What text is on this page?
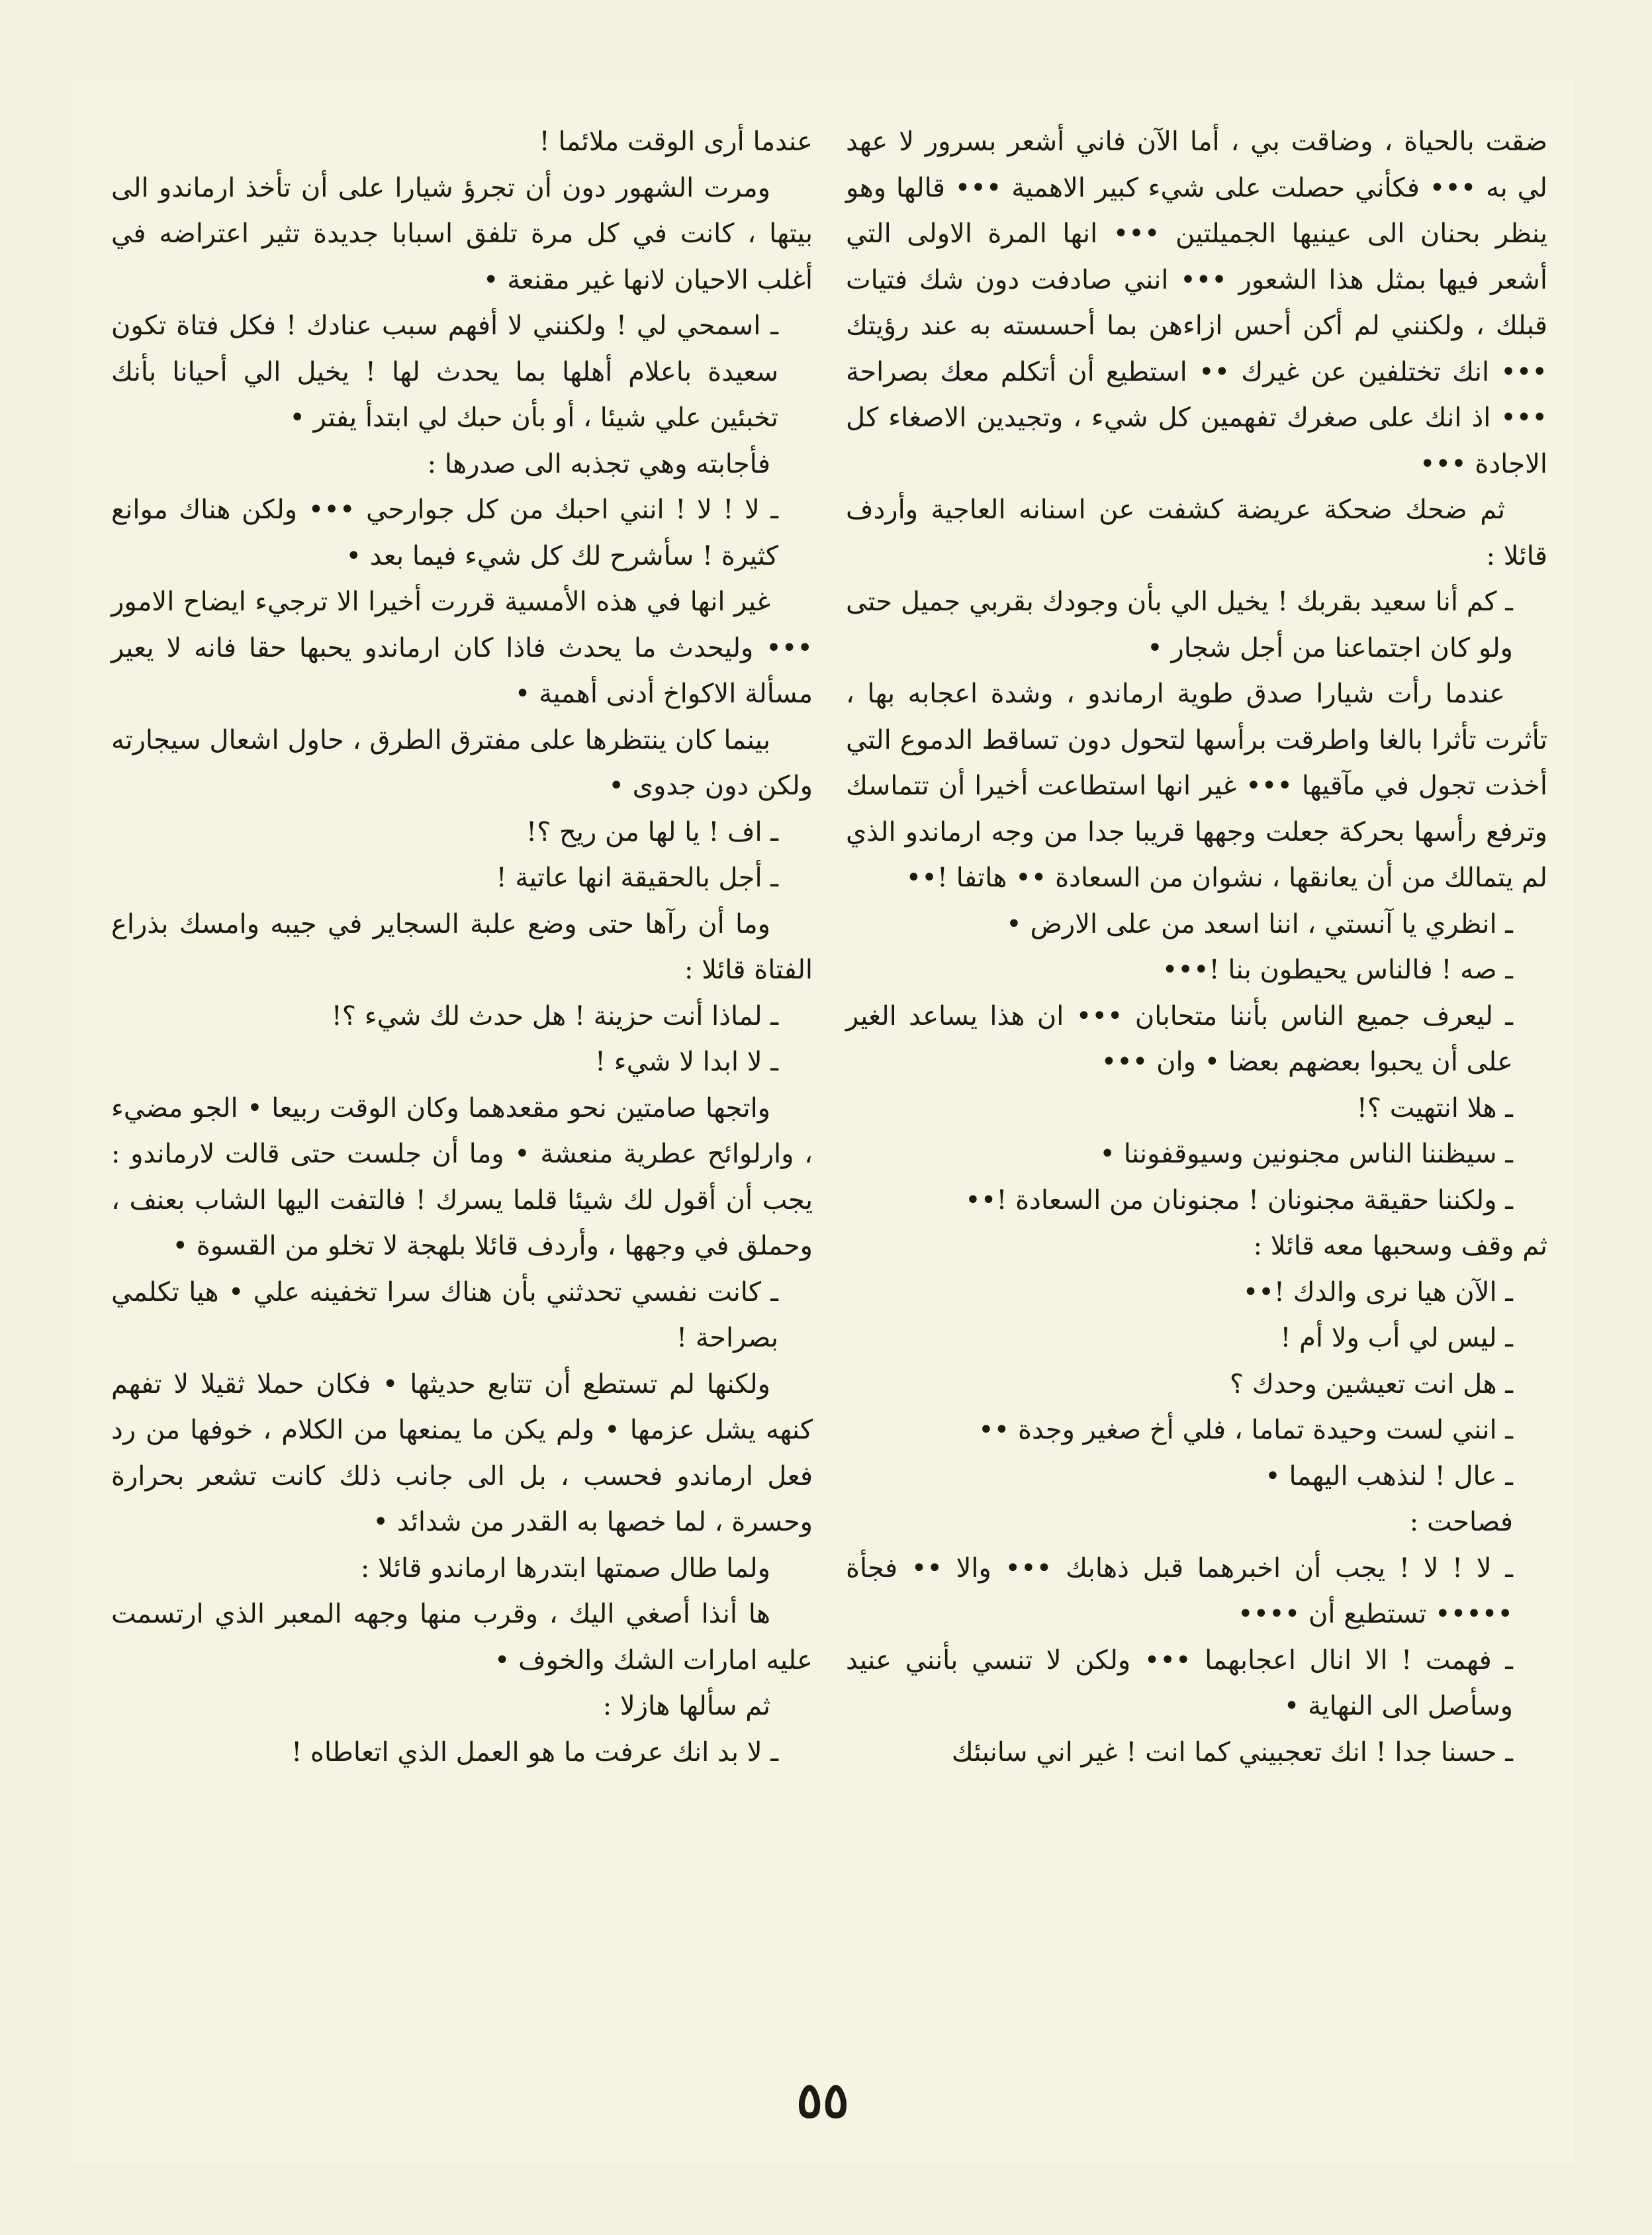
ضقت بالحياة ، وضاقت بي ، أما الآن فاني أشعر بسرور لا عهد لي به ••• فكأني حصلت على شيء كبير الاهمية ••• قالها وهو ينظر بحنان الى عينيها الجميلتين ••• انها المرة الاولى التي أشعر فيها بمثل هذا الشعور ••• انني صادفت دون شك فتيات قبلك ، ولكنني لم أكن أحس ازاءهن بما أحسسته به عند رؤيتك ••• انك تختلفين عن غيرك •• استطيع أن أتكلم معك بصراحة ••• اذ انك على صغرك تفهمين كل شيء ، وتجيدين الاصغاء كل الاجادة •••

ثم ضحك ضحكة عريضة كشفت عن اسنانه العاجية وأردف قائلا :

ـ كم أنا سعيد بقربك ! يخيل الي بأن وجودك بقربي جميل حتى ولو كان اجتماعنا من أجل شجار •

عندما رأت شيارا صدق طوية ارماندو ، وشدة اعجابه بها ، تأثرت تأثرا بالغا واطرقت برأسها لتحول دون تساقط الدموع التي أخذت تجول في مآقيها ••• غير انها استطاعت أخيرا أن تتماسك وترفع رأسها بحركة جعلت وجهها قريبا جدا من وجه ارماندو الذي لم يتمالك من أن يعانقها ، نشوان من السعادة •• هاتفا !••

ـ انظري يا آنستي ، اننا اسعد من على الارض •

ـ صه ! فالناس يحيطون بنا !•••

ـ ليعرف جميع الناس بأننا متحابان ••• ان هذا يساعد الغير على أن يحبوا بعضهم بعضا • وان •••

ـ هلا انتهيت ؟!

ـ سيظننا الناس مجنونين وسيوقفوننا •

ـ ولكننا حقيقة مجنونان ! مجنونان من السعادة !••

ثم وقف وسحبها معه قائلا :

ـ الآن هيا نرى والدك !••

ـ ليس لي أب ولا أم !

ـ هل انت تعيشين وحدك ؟

ـ انني لست وحيدة تماما ، فلي أخ صغير وجدة ••

ـ عال ! لنذهب اليهما •

فصاحت :

ـ لا ! لا ! يجب أن اخبرهما قبل ذهابك ••• والا •• فجأة ••••• تستطيع أن ••••

ـ فهمت ! الا انال اعجابهما ••• ولكن لا تنسي بأنني عنيد وسأصل الى النهاية •

ـ حسنا جدا ! انك تعجبيني كما انت ! غير اني سانبئك

عندما أرى الوقت ملائما !

ومرت الشهور دون أن تجرؤ شيارا على أن تأخذ ارماندو الى بيتها ، كانت في كل مرة تلفق اسبابا جديدة تثير اعتراضه في أغلب الاحيان لانها غير مقنعة •

ـ اسمحي لي ! ولكنني لا أفهم سبب عنادك ! فكل فتاة تكون سعيدة باعلام أهلها بما يحدث لها ! يخيل الي أحيانا بأنك تخبئين علي شيئا ، أو بأن حبك لي ابتدأ يفتر •

فأجابته وهي تجذبه الى صدرها :

ـ لا ! لا ! انني احبك من كل جوارحي ••• ولكن هناك موانع كثيرة ! سأشرح لك كل شيء فيما بعد •

غير انها في هذه الأمسية قررت أخيرا الا ترجيء ايضاح الامور ••• وليحدث ما يحدث فاذا كان ارماندو يحبها حقا فانه لا يعير مسألة الاكواخ أدنى أهمية •

بينما كان ينتظرها على مفترق الطرق ، حاول اشعال سيجارته ولكن دون جدوى •

ـ اف ! يا لها من ريح ؟!

ـ أجل بالحقيقة انها عاتية !

وما أن رآها حتى وضع علبة السجاير في جيبه وامسك بذراع الفتاة قائلا :

ـ لماذا أنت حزينة ! هل حدث لك شيء ؟!

ـ لا ابدا لا شيء !

واتجها صامتين نحو مقعدهما وكان الوقت ربيعا • الجو مضيء ، وارلوائح عطرية منعشة • وما أن جلست حتى قالت لارماندو : يجب أن أقول لك شيئا قلما يسرك ! فالتفت اليها الشاب بعنف ، وحملق في وجهها ، وأردف قائلا بلهجة لا تخلو من القسوة •

ـ كانت نفسي تحدثني بأن هناك سرا تخفينه علي • هيا تكلمي بصراحة !

ولكنها لم تستطع أن تتابع حديثها • فكان حملا ثقيلا لا تفهم كنهه يشل عزمها • ولم يكن ما يمنعها من الكلام ، خوفها من رد فعل ارماندو فحسب ، بل الى جانب ذلك كانت تشعر بحرارة وحسرة ، لما خصها به القدر من شدائد •

ولما طال صمتها ابتدرها ارماندو قائلا :

ها أنذا أصغي اليك ، وقرب منها وجهه المعبر الذي ارتسمت عليه امارات الشك والخوف •

ثم سألها هازلا :

ـ لا بد انك عرفت ما هو العمل الذي اتعاطاه !

٥٥
